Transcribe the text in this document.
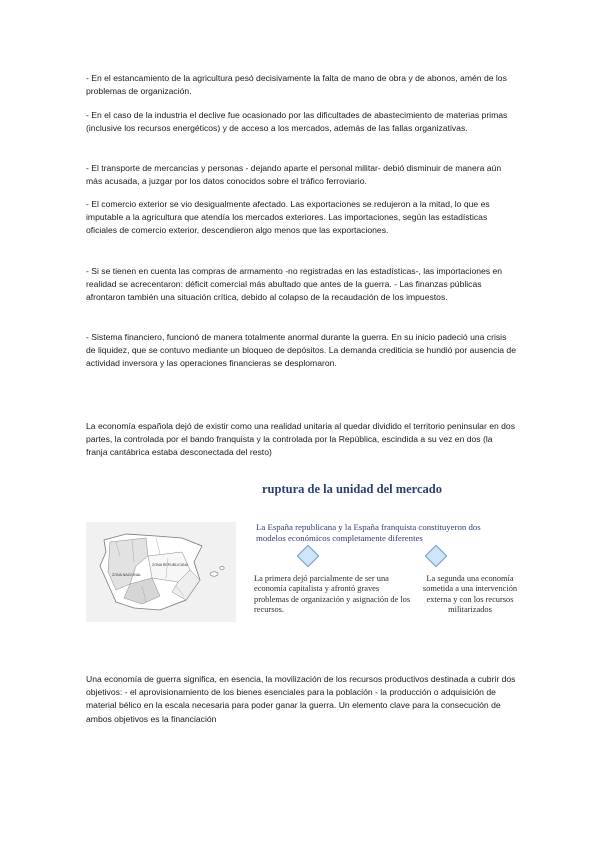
- En el estancamiento de la agricultura pesó decisivamente la falta de mano de obra y de abonos, amén de los problemas de organización.

- En el caso de la industria el declive fue ocasionado por las dificultades de abastecimiento de materias primas (inclusive los recursos energéticos) y de acceso a los mercados, además de las fallas organizativas.

- El transporte de mercancías y personas - dejando aparte el personal militar- debió disminuir de manera aún más acusada, a juzgar por los datos conocidos sobre el tráfico ferroviario.

- El comercio exterior se vio desigualmente afectado. Las exportaciones se redujeron a la mitad, lo que es imputable a la agricultura que atendía los mercados exteriores. Las importaciones, según las estadísticas oficiales de comercio exterior, descendieron algo menos que las exportaciones.

- Si se tienen en cuenta las compras de armamento -no registradas en las estadísticas-, las importaciones en realidad se acrecentaron: déficit comercial más abultado que antes de la guerra. - Las finanzas públicas afrontaron también una situación crítica, debido al colapso de la recaudación de los impuestos.

- Sistema financiero, funcionó de manera totalmente anormal durante la guerra. En su inicio padeció una crisis de liquidez, que se contuvo mediante un bloqueo de depósitos. La demanda crediticia se hundió por ausencia de actividad inversora y las operaciones financieras se desplomaron.

La economía española dejó de existir como una realidad unitaria al quedar dividido el territorio peninsular en dos partes, la controlada por el bando franquista y la controlada por la República, escindida a su vez en dos (la franja cantábrica estaba desconectada del resto)

ruptura de la unidad del mercado
ZONA REPUBLICANA
ZONA NACIONAL
La España republicana y la España franquista constituyeron dos modelos económicos completamente diferentes
La primera dejó parcialmente de ser una economía capitalista y afrontó graves problemas de organización y asignación de los recursos.
La segunda una economía sometida a una intervención externa y con los recursos militarizados

Una economía de guerra significa, en esencia, la movilización de los recursos productivos destinada a cubrir dos objetivos: - el aprovisionamiento de los bienes esenciales para la población - la producción o adquisición de material bélico en la escala necesaria para poder ganar la guerra. Un elemento clave para la consecución de ambos objetivos es la financiación
